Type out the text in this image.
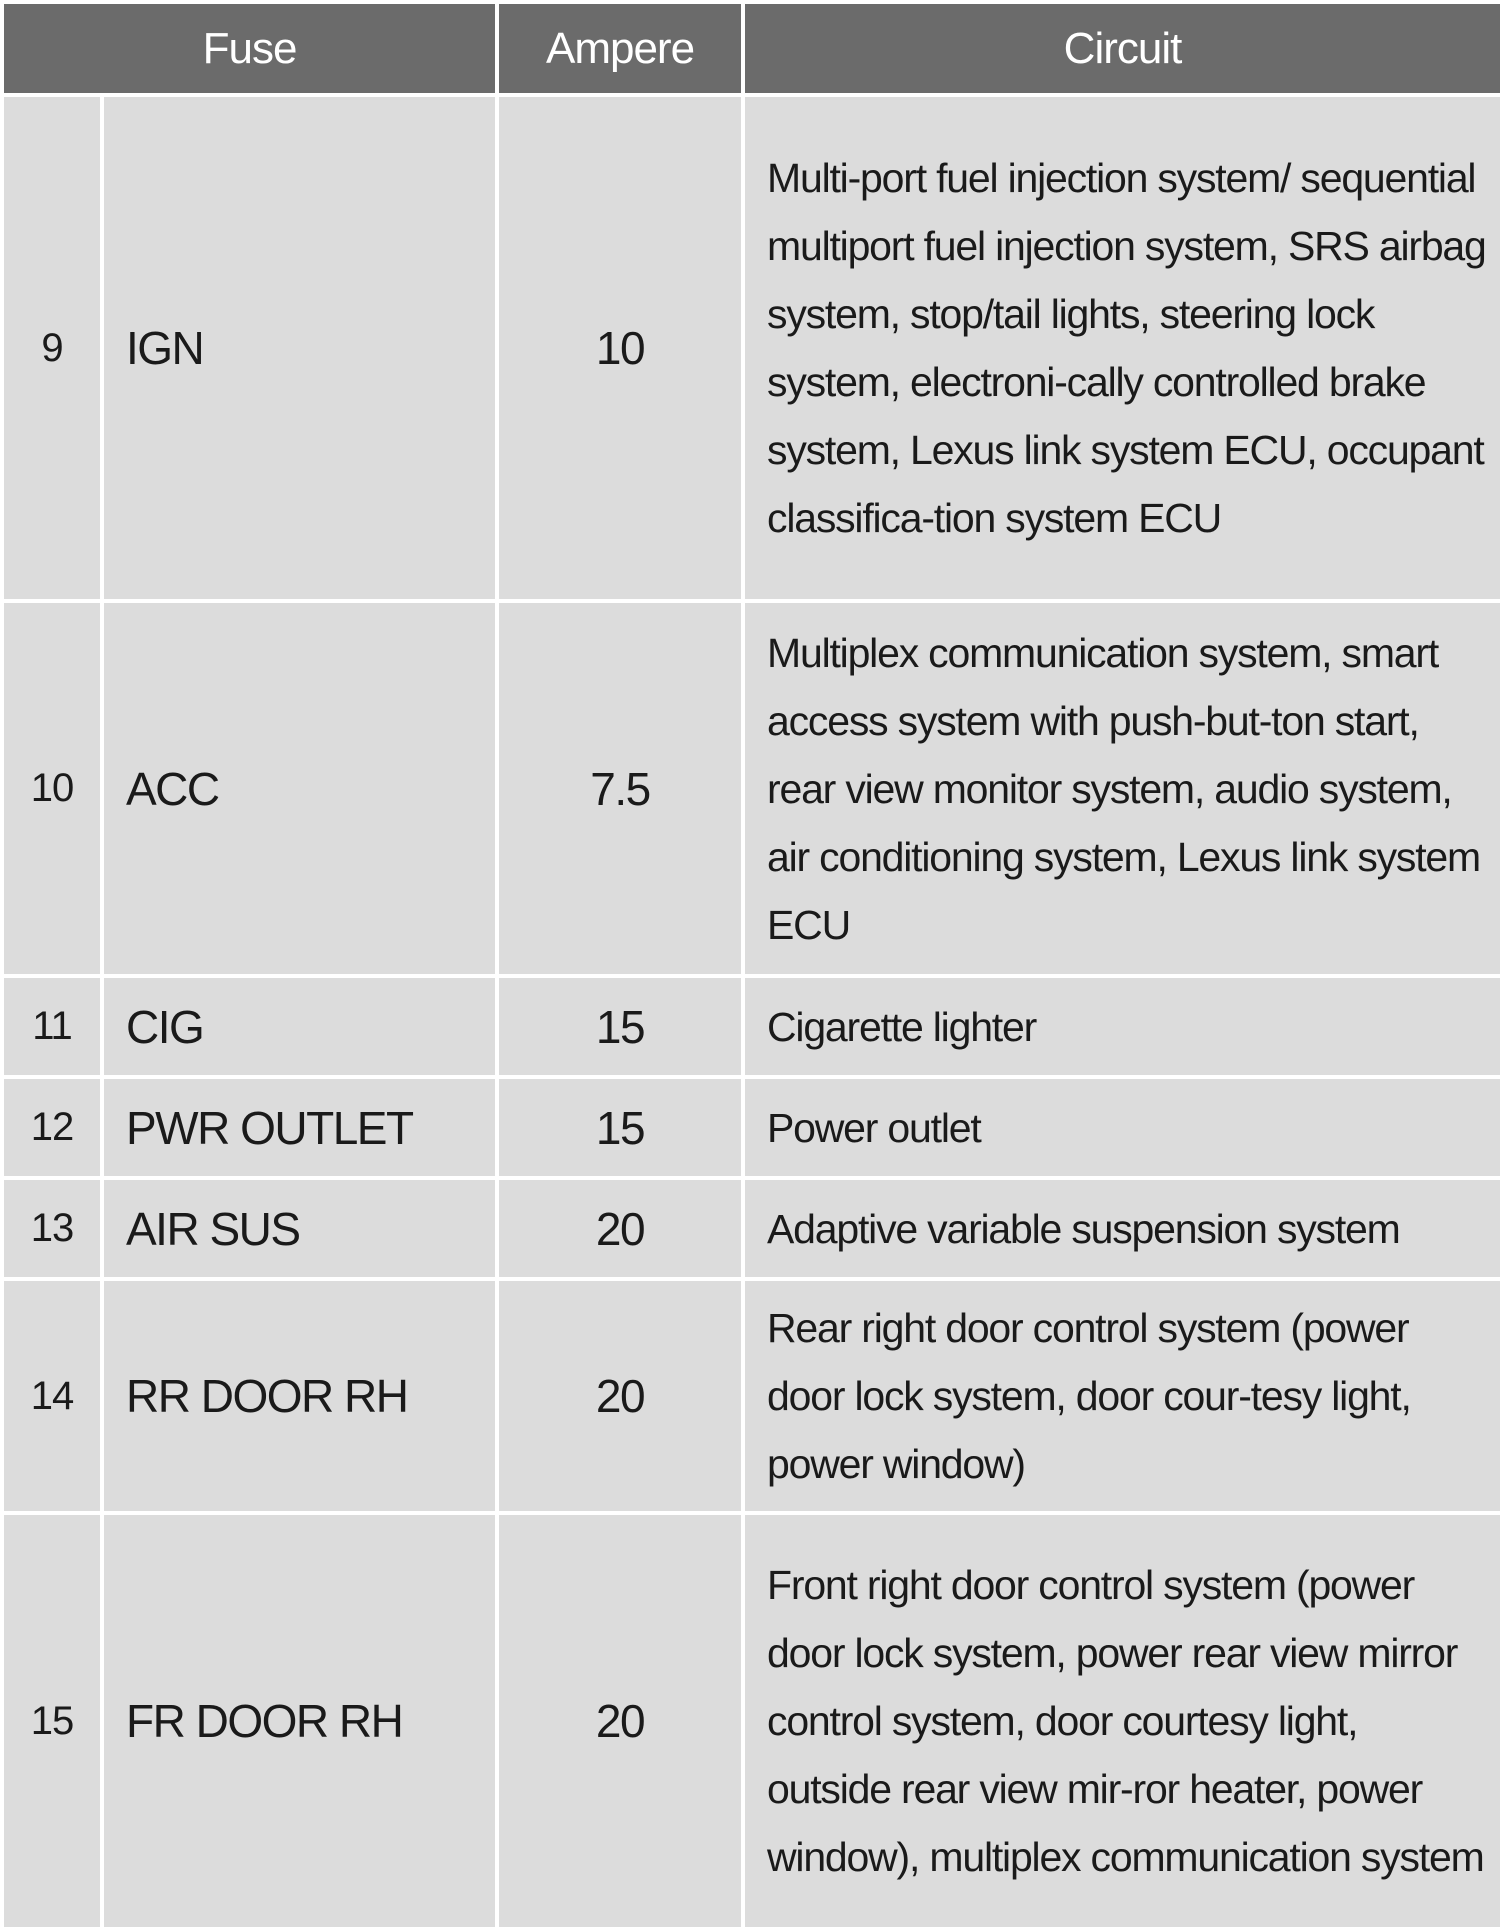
Fuse		Ampere	Circuit
9	IGN	10	Multi-port fuel injection system/ sequential multiport fuel injection system, SRS airbag system, stop/tail lights, steering lock system, electroni-cally controlled brake system, Lexus link system ECU, occupant classifica-tion system ECU
10	ACC	7.5	Multiplex communication system, smart access system with push-but-ton start, rear view monitor system, audio system, air conditioning system, Lexus link system ECU
11	CIG	15	Cigarette lighter
12	PWR OUTLET	15	Power outlet
13	AIR SUS	20	Adaptive variable suspension system
14	RR DOOR RH	20	Rear right door control system (power door lock system, door cour-tesy light, power window)
15	FR DOOR RH	20	Front right door control system (power door lock system, power rear view mirror control system, door courtesy light, outside rear view mir-ror heater, power window), multiplex communication system
